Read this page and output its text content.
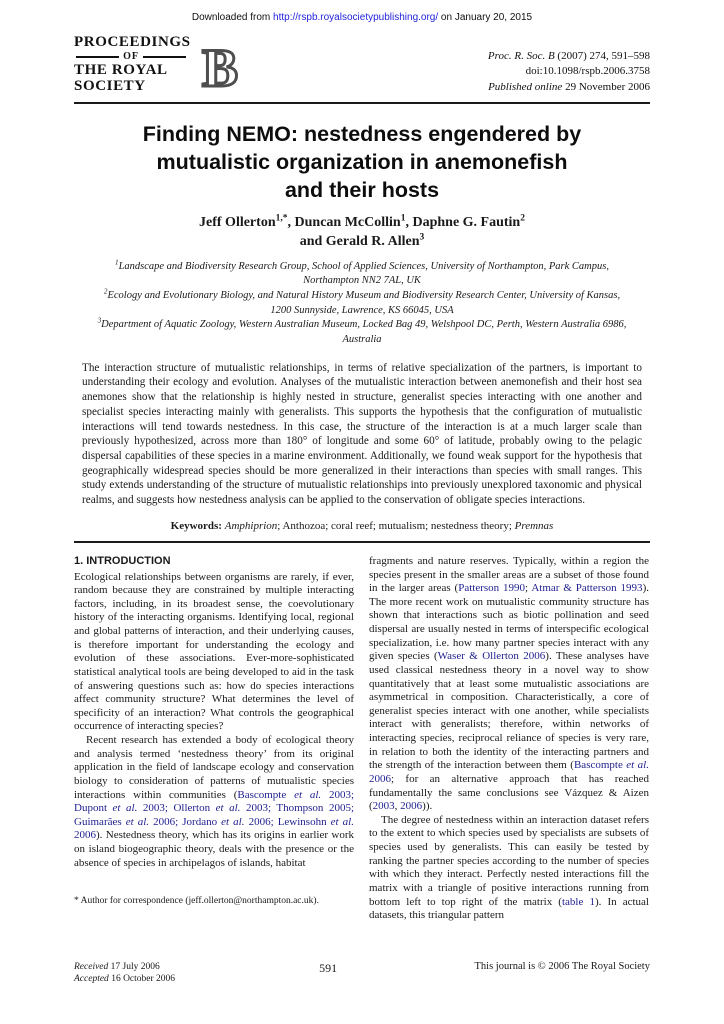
Downloaded from http://rspb.royalsocietypublishing.org/ on January 20, 2015
PROCEEDINGS
OF
THE ROYAL
SOCIETY	B	Proc. R. Soc. B (2007) 274, 591–598
doi:10.1098/rspb.2006.3758
Published online 29 November 2006
Finding NEMO: nestedness engendered by
mutualistic organization in anemonefish
and their hosts
Jeff Ollerton$^{1,*}$, Duncan McCollin$^1$, Daphne G. Fautin$^2$
and Gerald R. Allen$^3$
$^1$Landscape and Biodiversity Research Group, School of Applied Sciences, University of Northampton, Park Campus, Northampton NN2 7AL, UK
$^2$Ecology and Evolutionary Biology, and Natural History Museum and Biodiversity Research Center, University of Kansas, 1200 Sunnyside, Lawrence, KS 66045, USA
$^3$Department of Aquatic Zoology, Western Australian Museum, Locked Bag 49, Welshpool DC, Perth, Western Australia 6986, Australia
The interaction structure of mutualistic relationships, in terms of relative specialization of the partners, is important to understanding their ecology and evolution. Analyses of the mutualistic interaction between anemonefish and their host sea anemones show that the relationship is highly nested in structure, generalist species interacting with one another and specialist species interacting mainly with generalists. This supports the hypothesis that the configuration of mutualistic interactions will tend towards nestedness. In this case, the structure of the interaction is at a much larger scale than previously hypothesized, across more than 180° of longitude and some 60° of latitude, probably owing to the pelagic dispersal capabilities of these species in a marine environment. Additionally, we found weak support for the hypothesis that geographically widespread species should be more generalized in their interactions than species with small ranges. This study extends understanding of the structure of mutualistic relationships into previously unexplored taxonomic and physical realms, and suggests how nestedness analysis can be applied to the conservation of obligate species interactions.
Keywords: Amphiprion; Anthozoa; coral reef; mutualism; nestedness theory; Premnas
1. INTRODUCTION

Ecological relationships between organisms are rarely, if ever, random because they are constrained by multiple interacting factors, including, in its broadest sense, the coevolutionary history of the interacting organisms. Identifying local, regional and global patterns of interaction, and their underlying causes, is therefore important for understanding the ecology and evolution of these associations. Ever-more-sophisticated statistical analytical tools are being developed to aid in the task of answering questions such as: how do species interactions affect community structure? What determines the level of specificity of an interaction? What controls the geographical occurrence of interacting species?

Recent research has extended a body of ecological theory and analysis termed ‘nestedness theory’ from its original application in the field of landscape ecology and conservation biology to consideration of patterns of mutualistic species interactions within communities (Bascompte et al. 2003; Dupont et al. 2003; Ollerton et al. 2003; Thompson 2005; Guimarães et al. 2006; Jordano et al. 2006; Lewinsohn et al. 2006). Nestedness theory, which has its origins in earlier work on island biogeographic theory, deals with the presence or the absence of species in archipelagos of islands, habitat

* Author for correspondence (jeff.ollerton@northampton.ac.uk).

fragments and nature reserves. Typically, within a region the species present in the smaller areas are a subset of those found in the larger areas (Patterson 1990; Atmar & Patterson 1993). The more recent work on mutualistic community structure has shown that interactions such as biotic pollination and seed dispersal are usually nested in terms of interspecific ecological specialization, i.e. how many partner species interact with any given species (Waser & Ollerton 2006). These analyses have used classical nestedness theory in a novel way to show quantitatively that at least some mutualistic associations are asymmetrical in composition. Characteristically, a core of generalist species interact with one another, while specialists interact with generalists; therefore, within networks of interacting species, reciprocal reliance of species is very rare, in relation to both the identity of the interacting partners and the strength of the interaction between them (Bascompte et al. 2006; for an alternative approach that has reached fundamentally the same conclusions see Vázquez & Aizen (2003, 2006)).

The degree of nestedness within an interaction dataset refers to the extent to which species used by specialists are subsets of species used by generalists. This can easily be tested by ranking the partner species according to the number of species with which they interact. Perfectly nested interactions fill the matrix with a triangle of positive interactions running from bottom left to top right of the matrix (table 1). In actual datasets, this triangular pattern

Received 17 July 2006
Accepted 16 October 2006
591	This journal is © 2006 The Royal Society
